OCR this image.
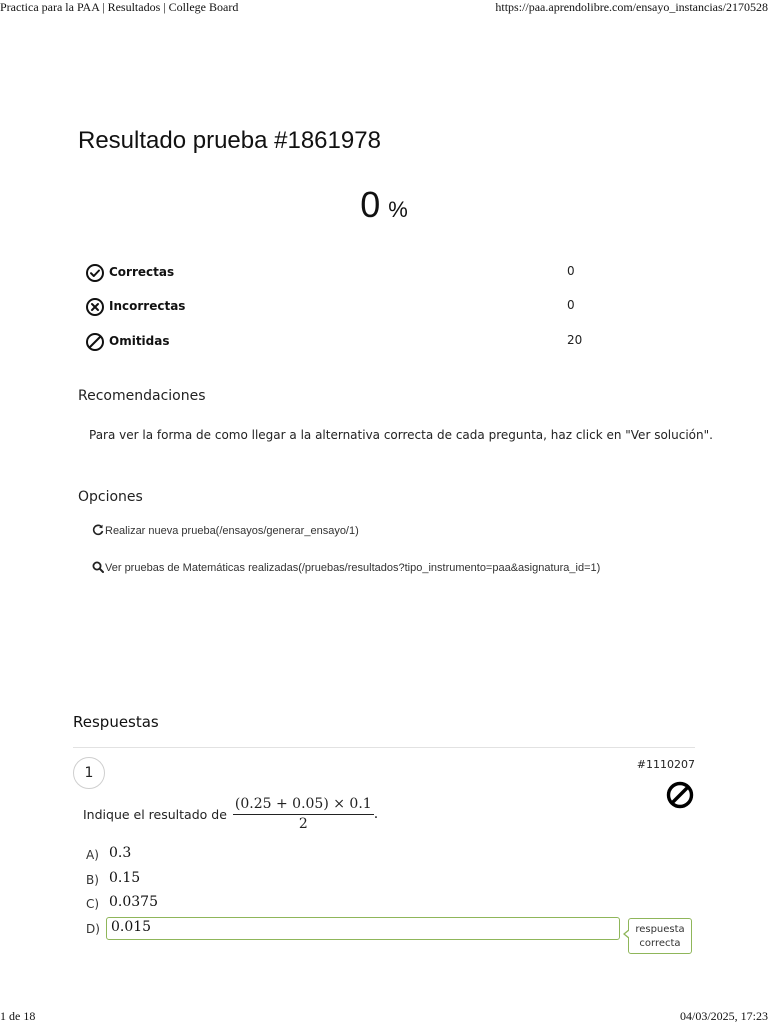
Practica para la PAA | Resultados | College Board	https://paa.aprendolibre.com/ensayo_instancias/2170528
Resultado prueba #1861978
0 %
Correctas	0
Incorrectas	0
Omitidas	20
Recomendaciones
Para ver la forma de como llegar a la alternativa correcta de cada pregunta, haz click en "Ver solución".
Opciones
Realizar nueva prueba(/ensayos/generar_ensayo/1)
Ver pruebas de Matemáticas realizadas(/pruebas/resultados?tipo_instrumento=paa&asignatura_id=1)
Respuestas
1
#1110207
Indique el resultado de $\frac{(0.25 + 0.05) \times 0.1}{2}$ .
A) 0.3
B) 0.15
C) 0.0375
D) 0.015	respuesta
correcta
1 de 18	04/03/2025, 17:23
